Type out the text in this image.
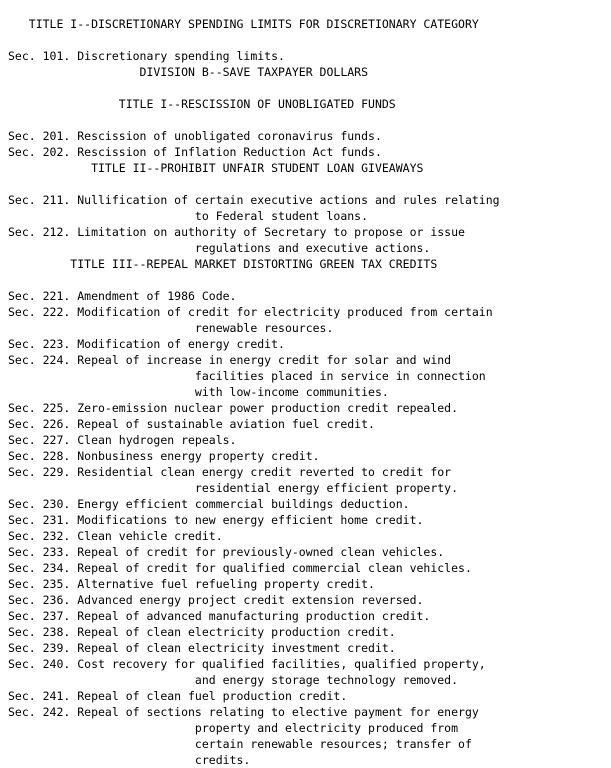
TITLE I--DISCRETIONARY SPENDING LIMITS FOR DISCRETIONARY CATEGORY
Sec. 101. Discretionary spending limits.
DIVISION B--SAVE TAXPAYER DOLLARS
TITLE I--RESCISSION OF UNOBLIGATED FUNDS
Sec. 201. Rescission of unobligated coronavirus funds.
Sec. 202. Rescission of Inflation Reduction Act funds.
TITLE II--PROHIBIT UNFAIR STUDENT LOAN GIVEAWAYS
Sec. 211. Nullification of certain executive actions and rules relating
to Federal student loans.
Sec. 212. Limitation on authority of Secretary to propose or issue
regulations and executive actions.
TITLE III--REPEAL MARKET DISTORTING GREEN TAX CREDITS
Sec. 221. Amendment of 1986 Code.
Sec. 222. Modification of credit for electricity produced from certain
renewable resources.
Sec. 223. Modification of energy credit.
Sec. 224. Repeal of increase in energy credit for solar and wind
facilities placed in service in connection
with low-income communities.
Sec. 225. Zero-emission nuclear power production credit repealed.
Sec. 226. Repeal of sustainable aviation fuel credit.
Sec. 227. Clean hydrogen repeals.
Sec. 228. Nonbusiness energy property credit.
Sec. 229. Residential clean energy credit reverted to credit for
residential energy efficient property.
Sec. 230. Energy efficient commercial buildings deduction.
Sec. 231. Modifications to new energy efficient home credit.
Sec. 232. Clean vehicle credit.
Sec. 233. Repeal of credit for previously-owned clean vehicles.
Sec. 234. Repeal of credit for qualified commercial clean vehicles.
Sec. 235. Alternative fuel refueling property credit.
Sec. 236. Advanced energy project credit extension reversed.
Sec. 237. Repeal of advanced manufacturing production credit.
Sec. 238. Repeal of clean electricity production credit.
Sec. 239. Repeal of clean electricity investment credit.
Sec. 240. Cost recovery for qualified facilities, qualified property,
and energy storage technology removed.
Sec. 241. Repeal of clean fuel production credit.
Sec. 242. Repeal of sections relating to elective payment for energy
property and electricity produced from
certain renewable resources; transfer of
credits.
